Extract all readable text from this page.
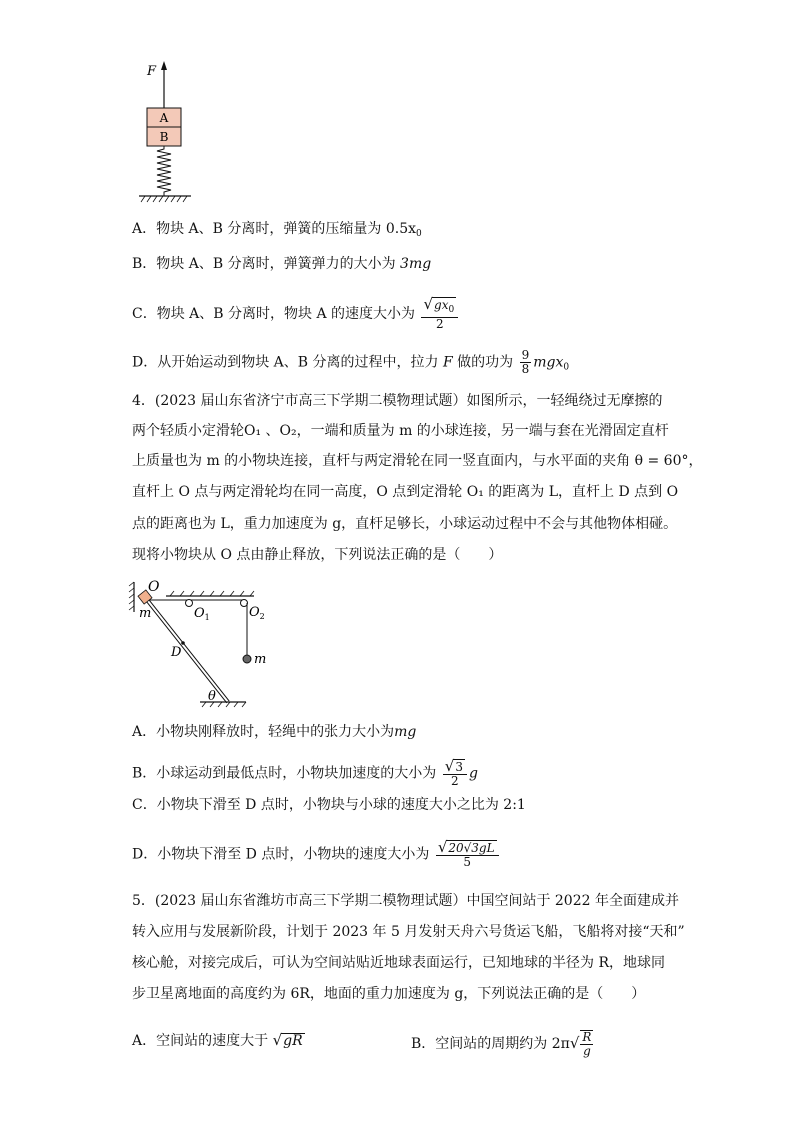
F
A
B
A．物块 A、B 分离时，弹簧的压缩量为 $0.5x_0$
B．物块 A、B 分离时，弹簧弹力的大小为 3mg
C．物块 A、B 分离时，物块 A 的速度大小为 $\frac{√gx_0}{2}$
D．从开始运动到物块 A、B 分离的过程中，拉力 F 做的功为 $\frac{9}{8} mgx_0$
4．(2023 届山东省济宁市高三下学期二模物理试题）如图所示，一轻绳绕过无摩擦的
两个轻质小定滑轮O₁ 、O₂，一端和质量为 m 的小球连接，另一端与套在光滑固定直杆
上质量也为 m 的小物块连接，直杆与两定滑轮在同一竖直面内，与水平面的夹角 θ = 60°，
直杆上 O 点与两定滑轮均在同一高度，O 点到定滑轮 O₁ 的距离为 L，直杆上 D 点到 O
点的距离也为 L，重力加速度为 g，直杆足够长，小球运动过程中不会与其他物体相碰。
现将小物块从 O 点由静止释放，下列说法正确的是（　　）
O
m	$O_1$	$O_2$
m
D
θ
A．小物块刚释放时，轻绳中的张力大小为mg
B．小球运动到最低点时，小物块加速度的大小为 $\frac{√3}{2}$ g
C．小物块下滑至 D 点时，小物块与小球的速度大小之比为 2:1
D．小物块下滑至 D 点时，小物块的速度大小为 $\frac{√20√3gL}{5}$
5．(2023 届山东省潍坊市高三下学期二模物理试题）中国空间站于 2022 年全面建成并
转入应用与发展新阶段，计划于 2023 年 5 月发射天舟六号货运飞船，飞船将对接“天和”
核心舱，对接完成后，可认为空间站贴近地球表面运行，已知地球的半径为 R，地球同
步卫星离地面的高度约为 6R，地面的重力加速度为 g，下列说法正确的是（　　）
A．空间站的速度大于 √gR	B．空间站的周期约为 $2\pi√ \frac{R}{g}$
